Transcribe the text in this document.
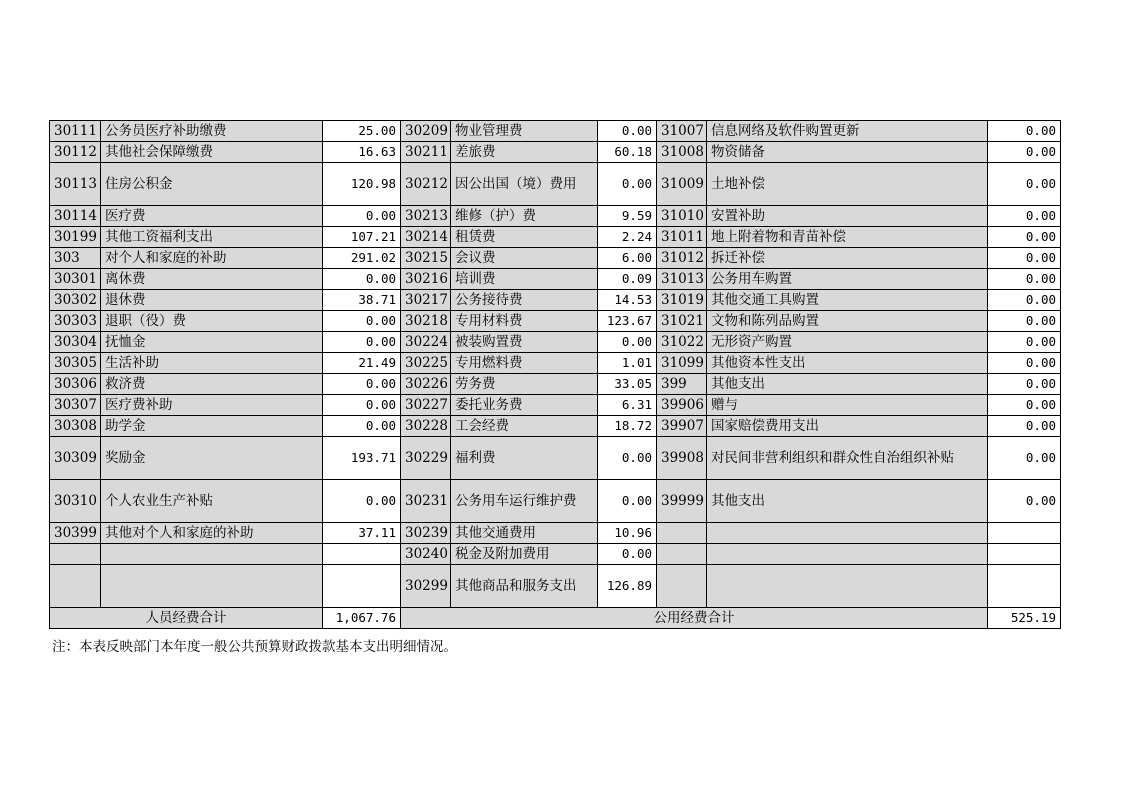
30111	公务员医疗补助缴费	25.00	30209	物业管理费	0.00	31007	信息网络及软件购置更新	0.00
30112	其他社会保障缴费	16.63	30211	差旅费	60.18	31008	物资储备	0.00
30113	住房公积金	120.98	30212	因公出国（境）费用	0.00	31009	土地补偿	0.00
30114	医疗费	0.00	30213	维修（护）费	9.59	31010	安置补助	0.00
30199	其他工资福利支出	107.21	30214	租赁费	2.24	31011	地上附着物和青苗补偿	0.00
303	对个人和家庭的补助	291.02	30215	会议费	6.00	31012	拆迁补偿	0.00
30301	离休费	0.00	30216	培训费	0.09	31013	公务用车购置	0.00
30302	退休费	38.71	30217	公务接待费	14.53	31019	其他交通工具购置	0.00
30303	退职（役）费	0.00	30218	专用材料费	123.67	31021	文物和陈列品购置	0.00
30304	抚恤金	0.00	30224	被装购置费	0.00	31022	无形资产购置	0.00
30305	生活补助	21.49	30225	专用燃料费	1.01	31099	其他资本性支出	0.00
30306	救济费	0.00	30226	劳务费	33.05	399	其他支出	0.00
30307	医疗费补助	0.00	30227	委托业务费	6.31	39906	赠与	0.00
30308	助学金	0.00	30228	工会经费	18.72	39907	国家赔偿费用支出	0.00
30309	奖励金	193.71	30229	福利费	0.00	39908	对民间非营利组织和群众性自治组织补贴	0.00
30310	个人农业生产补贴	0.00	30231	公务用车运行维护费	0.00	39999	其他支出	0.00
30399	其他对个人和家庭的补助	37.11	30239	其他交通费用	10.96			
			30240	税金及附加费用	0.00			
			30299	其他商品和服务支出	126.89			
人员经费合计		1,067.76	公用经费合计					525.19
注：本表反映部门本年度一般公共预算财政拨款基本支出明细情况。
